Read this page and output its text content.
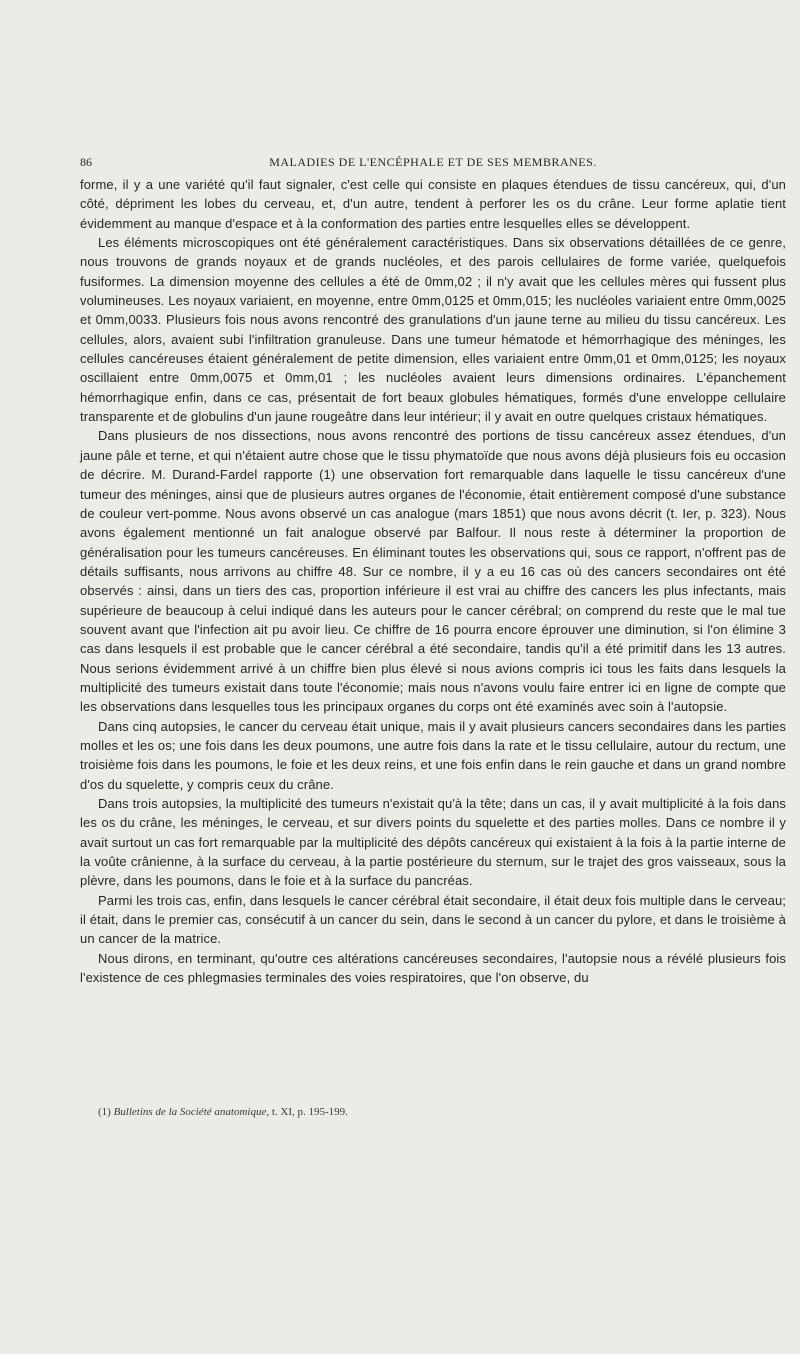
86	MALADIES DE L'ENCÉPHALE ET DE SES MEMBRANES.

forme, il y a une variété qu'il faut signaler, c'est celle qui consiste en plaques étendues de tissu cancéreux, qui, d'un côté, dépriment les lobes du cerveau, et, d'un autre, tendent à perforer les os du crâne. Leur forme aplatie tient évidemment au manque d'espace et à la conformation des parties entre lesquelles elles se développent.

Les éléments microscopiques ont été généralement caractéristiques. Dans six observations détaillées de ce genre, nous trouvons de grands noyaux et de grands nucléoles, et des parois cellulaires de forme variée, quelquefois fusiformes. La dimension moyenne des cellules a été de 0mm,02 ; il n'y avait que les cellules mères qui fussent plus volumineuses. Les noyaux variaient, en moyenne, entre 0mm,0125 et 0mm,015; les nucléoles variaient entre 0mm,0025 et 0mm,0033. Plusieurs fois nous avons rencontré des granulations d'un jaune terne au milieu du tissu cancéreux. Les cellules, alors, avaient subi l'infiltration granuleuse. Dans une tumeur hématode et hémorrhagique des méninges, les cellules cancéreuses étaient généralement de petite dimension, elles variaient entre 0mm,01 et 0mm,0125; les noyaux oscillaient entre 0mm,0075 et 0mm,01 ; les nucléoles avaient leurs dimensions ordinaires. L'épanchement hémorrhagique enfin, dans ce cas, présentait de fort beaux globules hématiques, formés d'une enveloppe cellulaire transparente et de globulins d'un jaune rougeâtre dans leur intérieur; il y avait en outre quelques cristaux hématiques.

Dans plusieurs de nos dissections, nous avons rencontré des portions de tissu cancéreux assez étendues, d'un jaune pâle et terne, et qui n'étaient autre chose que le tissu phymatoïde que nous avons déjà plusieurs fois eu occasion de décrire. M. Durand-Fardel rapporte (1) une observation fort remarquable dans laquelle le tissu cancéreux d'une tumeur des méninges, ainsi que de plusieurs autres organes de l'économie, était entièrement composé d'une substance de couleur vert-pomme. Nous avons observé un cas analogue (mars 1851) que nous avons décrit (t. Ier, p. 323). Nous avons également mentionné un fait analogue observé par Balfour. Il nous reste à déterminer la proportion de généralisation pour les tumeurs cancéreuses. En éliminant toutes les observations qui, sous ce rapport, n'offrent pas de détails suffisants, nous arrivons au chiffre 48. Sur ce nombre, il y a eu 16 cas où des cancers secondaires ont été observés : ainsi, dans un tiers des cas, proportion inférieure il est vrai au chiffre des cancers les plus infectants, mais supérieure de beaucoup à celui indiqué dans les auteurs pour le cancer cérébral; on comprend du reste que le mal tue souvent avant que l'infection ait pu avoir lieu. Ce chiffre de 16 pourra encore éprouver une diminution, si l'on élimine 3 cas dans lesquels il est probable que le cancer cérébral a été secondaire, tandis qu'il a été primitif dans les 13 autres. Nous serions évidemment arrivé à un chiffre bien plus élevé si nous avions compris ici tous les faits dans lesquels la multiplicité des tumeurs existait dans toute l'économie; mais nous n'avons voulu faire entrer ici en ligne de compte que les observations dans lesquelles tous les principaux organes du corps ont été examinés avec soin à l'autopsie.

Dans cinq autopsies, le cancer du cerveau était unique, mais il y avait plusieurs cancers secondaires dans les parties molles et les os; une fois dans les deux poumons, une autre fois dans la rate et le tissu cellulaire, autour du rectum, une troisième fois dans les poumons, le foie et les deux reins, et une fois enfin dans le rein gauche et dans un grand nombre d'os du squelette, y compris ceux du crâne.

Dans trois autopsies, la multiplicité des tumeurs n'existait qu'à la tête; dans un cas, il y avait multiplicité à la fois dans les os du crâne, les méninges, le cerveau, et sur divers points du squelette et des parties molles. Dans ce nombre il y avait surtout un cas fort remarquable par la multiplicité des dépôts cancéreux qui existaient à la fois à la partie interne de la voûte crânienne, à la surface du cerveau, à la partie postérieure du sternum, sur le trajet des gros vaisseaux, sous la plèvre, dans les poumons, dans le foie et à la surface du pancréas.

Parmi les trois cas, enfin, dans lesquels le cancer cérébral était secondaire, il était deux fois multiple dans le cerveau; il était, dans le premier cas, consécutif à un cancer du sein, dans le second à un cancer du pylore, et dans le troisième à un cancer de la matrice.

Nous dirons, en terminant, qu'outre ces altérations cancéreuses secondaires, l'autopsie nous a révélé plusieurs fois l'existence de ces phlegmasies terminales des voies respiratoires, que l'on observe, du

(1) Bulletins de la Société anatomique, t. XI, p. 195-199.
